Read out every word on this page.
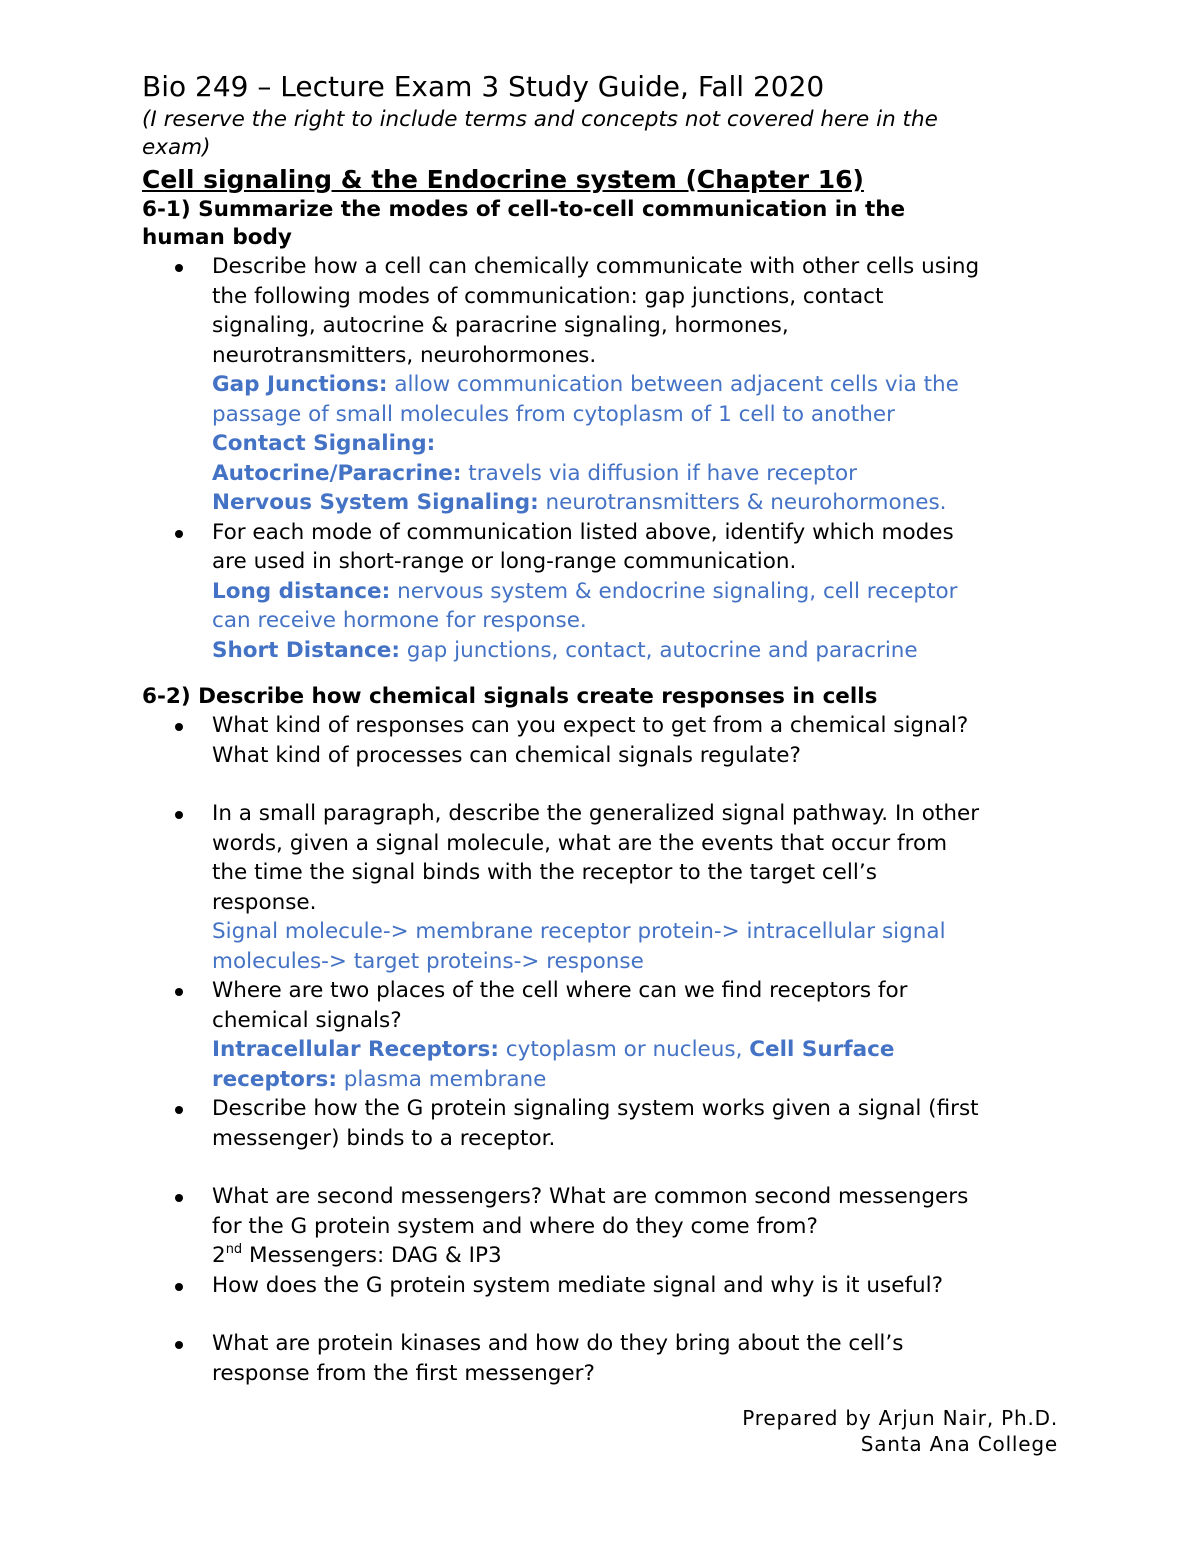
Bio 249 – Lecture Exam 3 Study Guide, Fall 2020
(I reserve the right to include terms and concepts not covered here in the
exam)
Cell signaling & the Endocrine system (Chapter 16)
6-1) Summarize the modes of cell-to-cell communication in the
human body
Describe how a cell can chemically communicate with other cells using
the following modes of communication: gap junctions, contact
signaling, autocrine & paracrine signaling, hormones,
neurotransmitters, neurohormones.
Gap Junctions: allow communication between adjacent cells via the
passage of small molecules from cytoplasm of 1 cell to another
Contact Signaling:
Autocrine/Paracrine: travels via diffusion if have receptor
Nervous System Signaling: neurotransmitters & neurohormones.
For each mode of communication listed above, identify which modes
are used in short-range or long-range communication.
Long distance: nervous system & endocrine signaling, cell receptor
can receive hormone for response.
Short Distance: gap junctions, contact, autocrine and paracrine
6-2) Describe how chemical signals create responses in cells
What kind of responses can you expect to get from a chemical signal?
What kind of processes can chemical signals regulate?
In a small paragraph, describe the generalized signal pathway. In other
words, given a signal molecule, what are the events that occur from
the time the signal binds with the receptor to the target cell’s
response.
Signal molecule-> membrane receptor protein-> intracellular signal
molecules-> target proteins-> response
Where are two places of the cell where can we find receptors for
chemical signals?
Intracellular Receptors: cytoplasm or nucleus, Cell Surface
receptors: plasma membrane
Describe how the G protein signaling system works given a signal (first
messenger) binds to a receptor.
What are second messengers? What are common second messengers
for the G protein system and where do they come from?
2nd Messengers: DAG & IP3
How does the G protein system mediate signal and why is it useful?
What are protein kinases and how do they bring about the cell’s
response from the first messenger?
Prepared by Arjun Nair, Ph.D.
Santa Ana College
